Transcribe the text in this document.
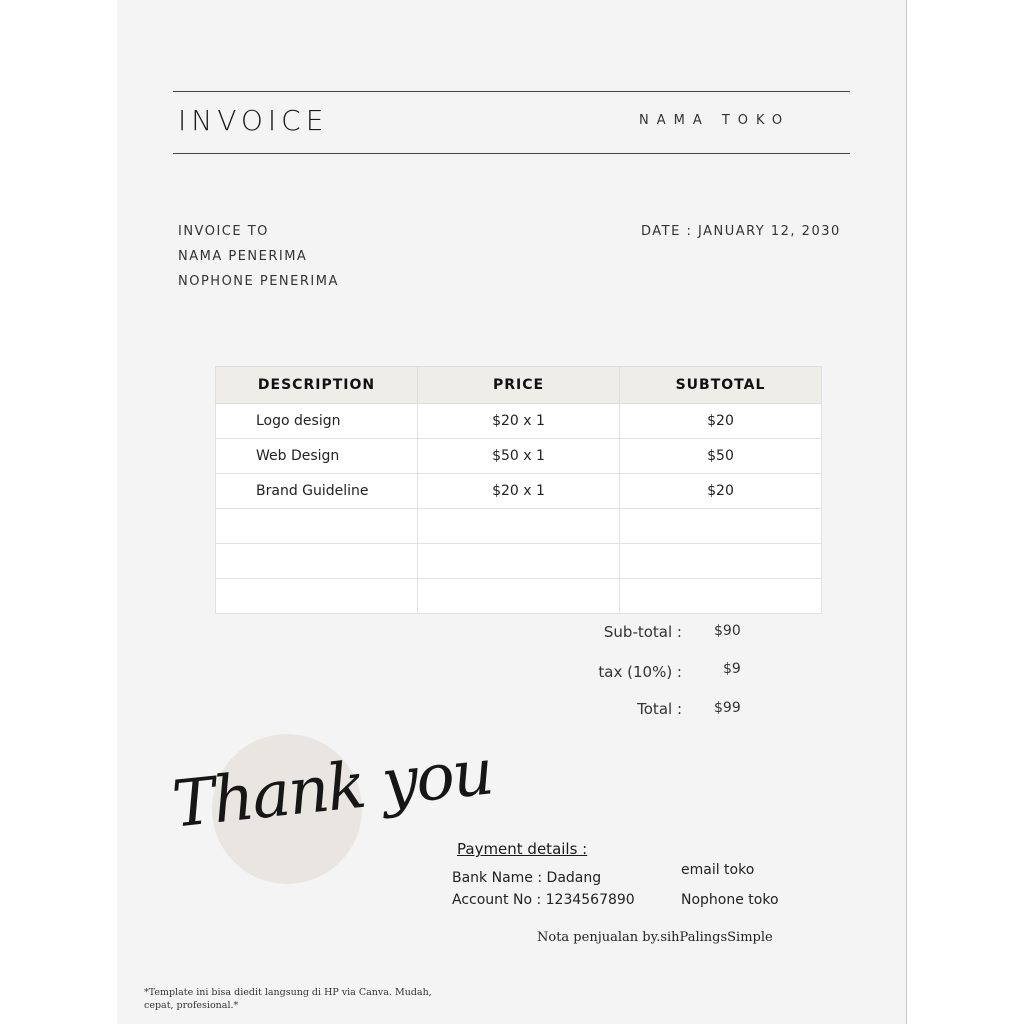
INVOICE	NAMA TOKO
INVOICE TO
NAMA PENERIMA
NOPHONE PENERIMA
DATE : JANUARY 12, 2030
DESCRIPTION	PRICE	SUBTOTAL
Logo design	$20 x 1	$20
Web Design	$50 x 1	$50
Brand Guideline	$20 x 1	$20

Sub-total : $90
tax (10%) :	$9
Total : $99
Thank you
Payment details :
Bank Name : Dadang
Account No : 1234567890
email toko
Nophone toko
Nota penjualan by.sihPalingsSimple
*Template ini bisa diedit langsung di HP via Canva. Mudah, cepat, profesional.*
